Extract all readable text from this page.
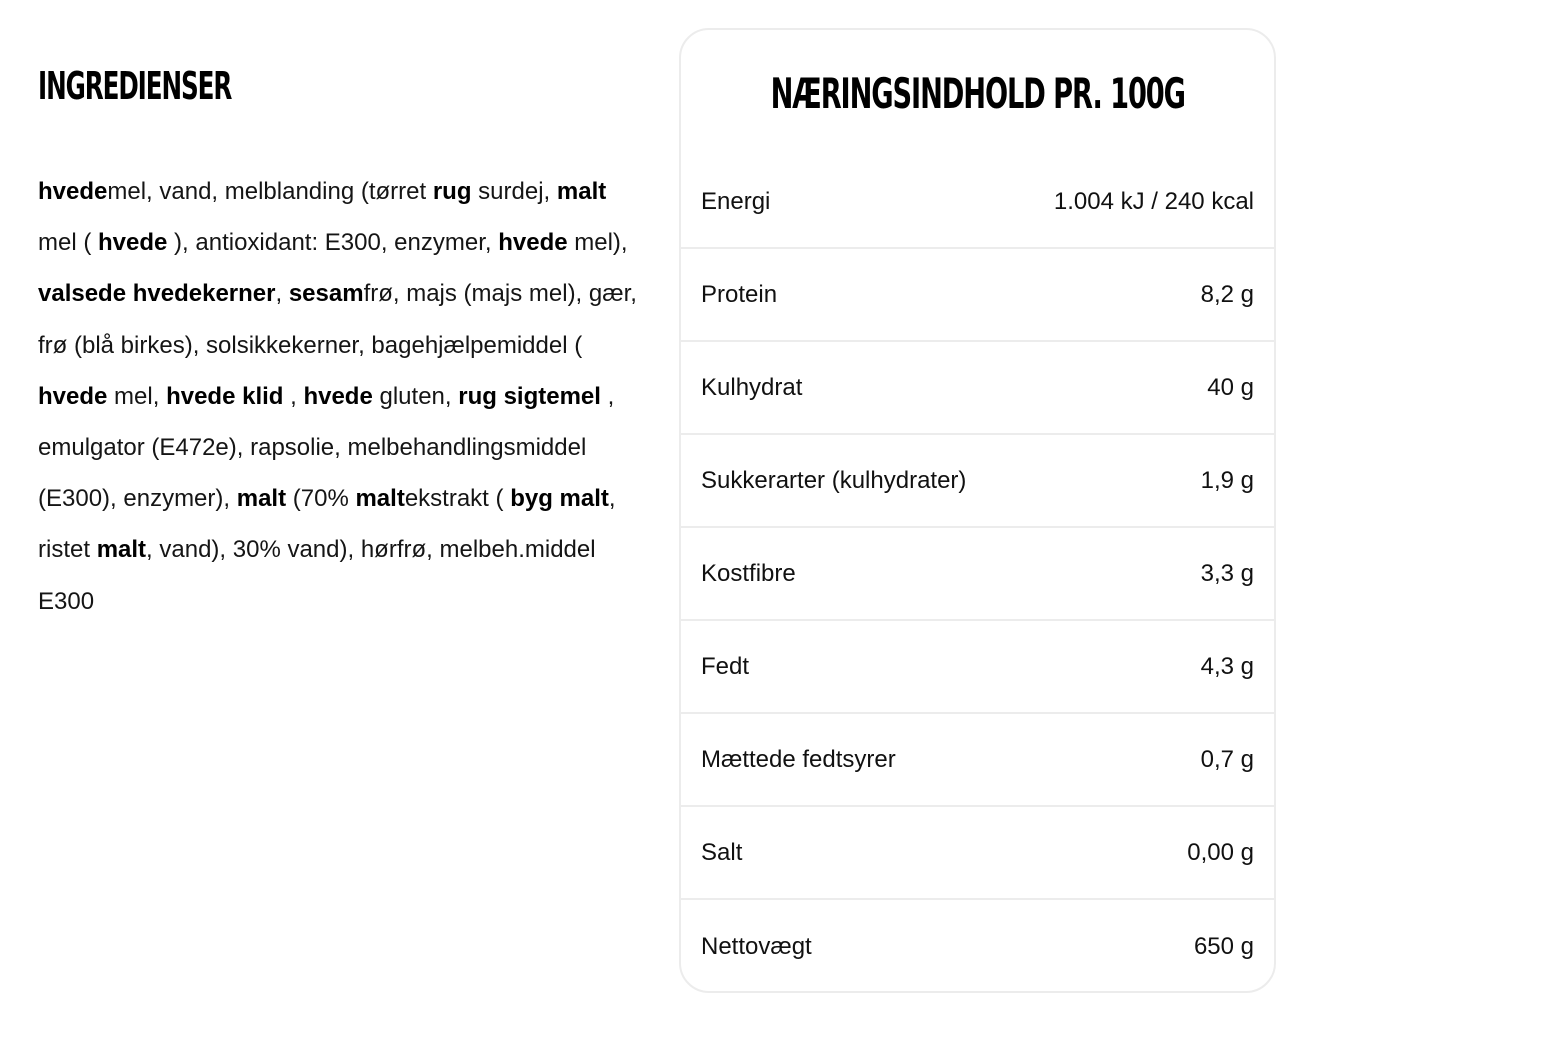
INGREDIENSER

hvedemel, vand, melblanding (tørret rug surdej, malt mel ( hvede ), antioxidant: E300, enzymer, hvede mel), valsede hvedekerner, sesamfrø, majs (majs mel), gær, frø (blå birkes), solsikkekerner, bagehjælpemiddel ( hvede mel, hvede klid , hvede gluten, rug sigtemel , emulgator (E472e), rapsolie, melbehandlingsmiddel (E300), enzymer), malt (70% maltekstrakt ( byg malt, ristet malt, vand), 30% vand), hørfrø, melbeh.middel E300

NÆRINGSINDHOLD PR. 100G
Energi	1.004 kJ / 240 kcal
Protein	8,2 g
Kulhydrat	40 g
Sukkerarter (kulhydrater)	1,9 g
Kostfibre	3,3 g
Fedt	4,3 g
Mættede fedtsyrer	0,7 g
Salt	0,00 g
Nettovægt	650 g
